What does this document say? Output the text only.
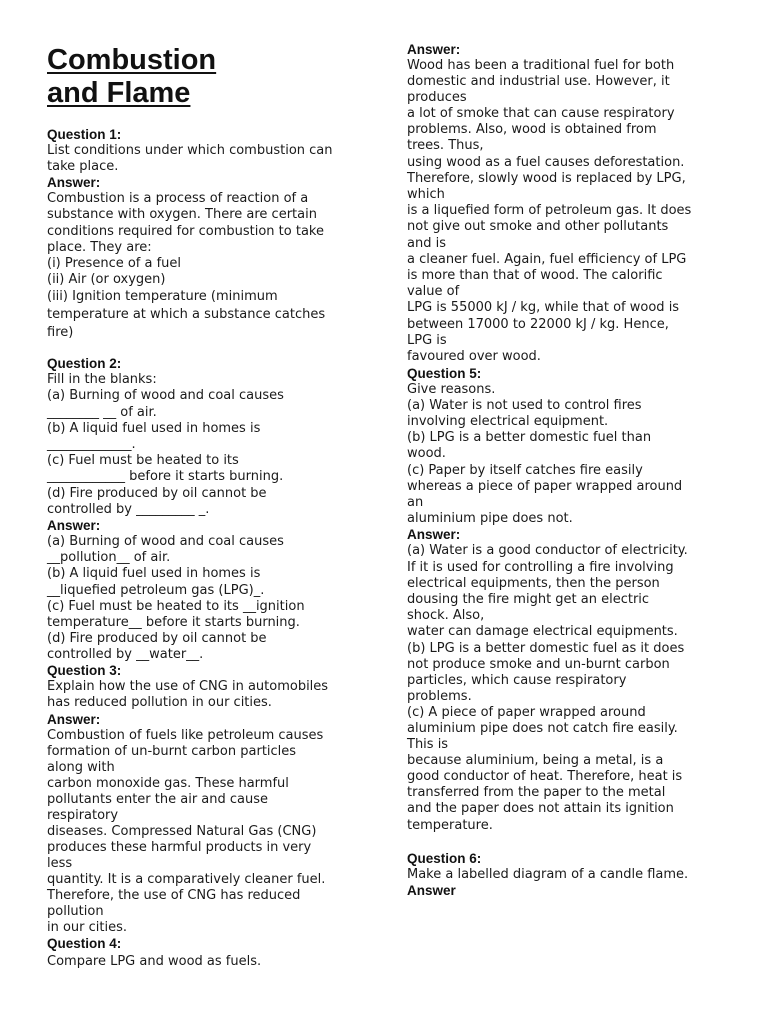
Combustion
and Flame
Question 1:
List conditions under which combustion can
take place.
Answer:
Combustion is a process of reaction of a
substance with oxygen. There are certain
conditions required for combustion to take
place. They are:
(i) Presence of a fuel
(ii) Air (or oxygen)
(iii) Ignition temperature (minimum
temperature at which a substance catches
fire)
Question 2:
Fill in the blanks:
(a) Burning of wood and coal causes
________ __ of air.
(b) A liquid fuel used in homes is
_____________.
(c) Fuel must be heated to its
____________ before it starts burning.
(d) Fire produced by oil cannot be
controlled by _________ _.
Answer:
(a) Burning of wood and coal causes
__pollution__ of air.
(b) A liquid fuel used in homes is
__liquefied petroleum gas (LPG)_.
(c) Fuel must be heated to its __ignition
temperature__ before it starts burning.
(d) Fire produced by oil cannot be
controlled by __water__.
Question 3:
Explain how the use of CNG in automobiles
has reduced pollution in our cities.
Answer:
Combustion of fuels like petroleum causes
formation of un-burnt carbon particles
along with
carbon monoxide gas. These harmful
pollutants enter the air and cause
respiratory
diseases. Compressed Natural Gas (CNG)
produces these harmful products in very
less
quantity. It is a comparatively cleaner fuel.
Therefore, the use of CNG has reduced
pollution
in our cities.
Question 4:
Compare LPG and wood as fuels.
Answer:
Wood has been a traditional fuel for both
domestic and industrial use. However, it
produces
a lot of smoke that can cause respiratory
problems. Also, wood is obtained from
trees. Thus,
using wood as a fuel causes deforestation.
Therefore, slowly wood is replaced by LPG,
which
is a liquefied form of petroleum gas. It does
not give out smoke and other pollutants
and is
a cleaner fuel. Again, fuel efficiency of LPG
is more than that of wood. The calorific
value of
LPG is 55000 kJ / kg, while that of wood is
between 17000 to 22000 kJ / kg. Hence,
LPG is
favoured over wood.
Question 5:
Give reasons.
(a) Water is not used to control fires
involving electrical equipment.
(b) LPG is a better domestic fuel than
wood.
(c) Paper by itself catches fire easily
whereas a piece of paper wrapped around
an
aluminium pipe does not.
Answer:
(a) Water is a good conductor of electricity.
If it is used for controlling a fire involving
electrical equipments, then the person
dousing the fire might get an electric
shock. Also,
water can damage electrical equipments.
(b) LPG is a better domestic fuel as it does
not produce smoke and un-burnt carbon
particles, which cause respiratory
problems.
(c) A piece of paper wrapped around
aluminium pipe does not catch fire easily.
This is
because aluminium, being a metal, is a
good conductor of heat. Therefore, heat is
transferred from the paper to the metal
and the paper does not attain its ignition
temperature.
Question 6:
Make a labelled diagram of a candle flame.
Answer
